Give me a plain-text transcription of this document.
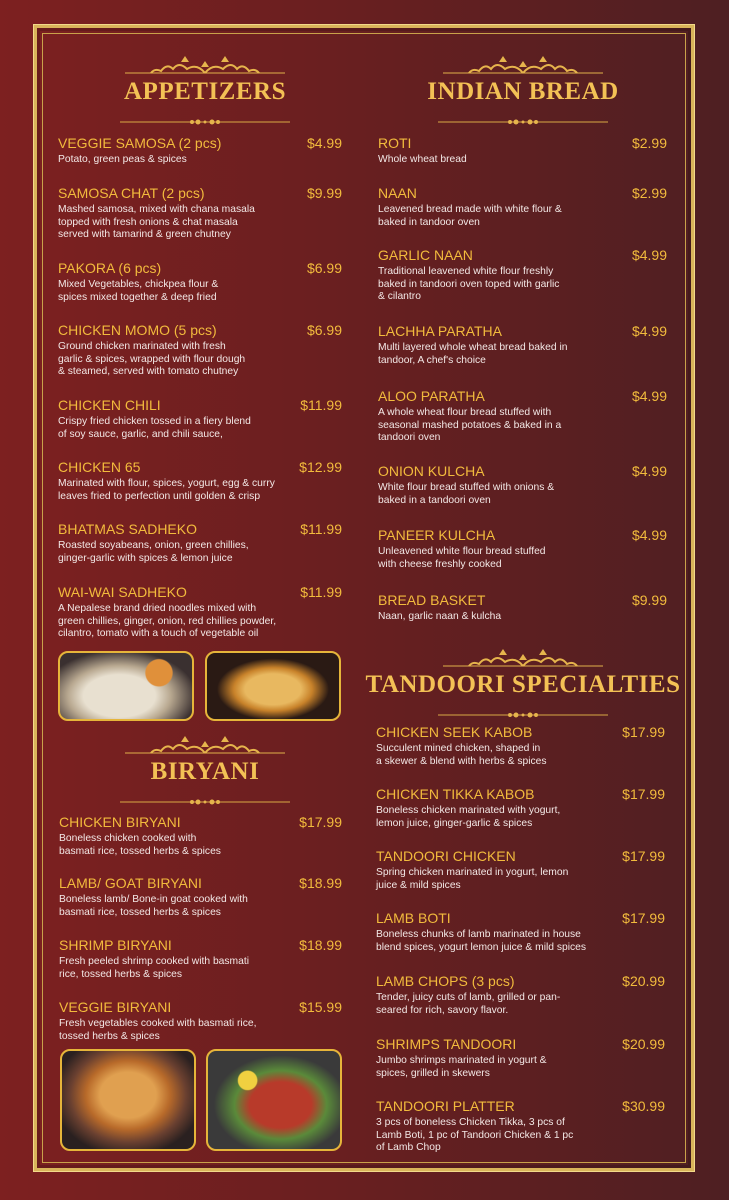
APPETIZERS
VEGGIE SAMOSA (2 pcs)	$4.99
Potato, green peas & spices
SAMOSA CHAT (2 pcs)	$9.99
Mashed samosa, mixed with chana masala
topped with fresh onions & chat masala
served with tamarind & green chutney
PAKORA (6 pcs)	$6.99
Mixed Vegetables, chickpea flour &
spices mixed together & deep fried
CHICKEN MOMO (5 pcs)	$6.99
Ground chicken marinated with fresh
garlic & spices, wrapped with flour dough
& steamed, served with tomato chutney
CHICKEN CHILI	$11.99
Crispy fried chicken tossed in a fiery blend
of soy sauce, garlic, and chili sauce,
CHICKEN 65	$12.99
Marinated with flour, spices, yogurt, egg & curry
leaves fried to perfection until golden & crisp
BHATMAS SADHEKO	$11.99
Roasted soyabeans, onion, green chillies,
ginger-garlic with spices & lemon juice
WAI-WAI SADHEKO	$11.99
A Nepalese brand dried noodles mixed with
green chillies, ginger, onion, red chillies powder,
cilantro, tomato with a touch of vegetable oil
INDIAN BREAD
ROTI	$2.99
Whole wheat bread
NAAN	$2.99
Leavened bread made with white flour &
baked in tandoor oven
GARLIC NAAN	$4.99
Traditional leavened white flour freshly
baked in tandoori oven toped with garlic
& cilantro
LACHHA PARATHA	$4.99
Multi layered whole wheat bread baked in
tandoor, A chef's choice
ALOO PARATHA	$4.99
A whole wheat flour bread stuffed with
seasonal mashed potatoes & baked in a
tandoori oven
ONION KULCHA	$4.99
White flour bread stuffed with onions &
baked in a tandoori oven
PANEER KULCHA	$4.99
Unleavened white flour bread stuffed
with cheese freshly cooked
BREAD BASKET	$9.99
Naan, garlic naan & kulcha
BIRYANI
CHICKEN BIRYANI	$17.99
Boneless chicken cooked with
basmati rice, tossed herbs & spices
LAMB/ GOAT BIRYANI	$18.99
Boneless lamb/ Bone-in goat cooked with
basmati rice, tossed herbs & spices
SHRIMP BIRYANI	$18.99
Fresh peeled shrimp cooked with basmati
rice, tossed herbs & spices
VEGGIE BIRYANI	$15.99
Fresh vegetables cooked with basmati rice,
tossed herbs & spices
TANDOORI SPECIALTIES
CHICKEN SEEK KABOB	$17.99
Succulent mined chicken, shaped in
a skewer & blend with herbs & spices
CHICKEN TIKKA KABOB	$17.99
Boneless chicken marinated with yogurt,
lemon juice, ginger-garlic & spices
TANDOORI CHICKEN	$17.99
Spring chicken marinated in yogurt, lemon
juice & mild spices
LAMB BOTI	$17.99
Boneless chunks of lamb marinated in house
blend spices, yogurt lemon juice & mild spices
LAMB CHOPS (3 pcs)	$20.99
Tender, juicy cuts of lamb, grilled or pan-
seared for rich, savory flavor.
SHRIMPS TANDOORI	$20.99
Jumbo shrimps marinated in yogurt &
spices, grilled in skewers
TANDOORI PLATTER	$30.99
3 pcs of boneless Chicken Tikka, 3 pcs of
Lamb Boti, 1 pc of Tandoori Chicken & 1 pc
of Lamb Chop
